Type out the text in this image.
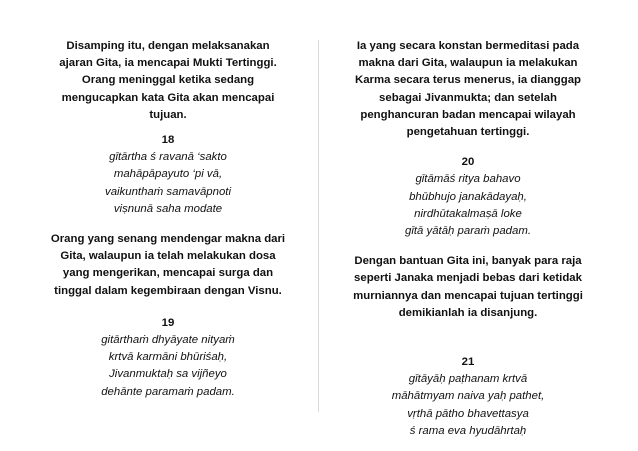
Disamping itu, dengan melaksanakan
ajaran Gita, ia mencapai Mukti Tertinggi.
Orang meninggal ketika sedang
mengucapkan kata Gita akan mencapai
tujuan.

18

gītārtha ś ravanā ‘sakto
mahāpāpayuto ‘pi vā,
vaikunthaṁ samavāpnoti
viṣnunā saha modate

Orang yang senang mendengar makna dari
Gita, walaupun ia telah melakukan dosa
yang mengerikan, mencapai surga dan
tinggal dalam kegembiraan dengan Visnu.

19

gitārthaṁ dhyāyate nityaṁ
krtvā karmāni bhūriśaḥ,
Jivanmuktaḥ sa vijñeyo
dehānte paramaṁ padam.

Ia yang secara konstan bermeditasi pada
makna dari Gita, walaupun ia melakukan
Karma secara terus menerus, ia dianggap
sebagai Jivanmukta; dan setelah
penghancuran badan mencapai wilayah
pengetahuan tertinggi.

20

gītāmāś ritya bahavo
bhūbhujo janakādayaḥ,
nirdhūtakalmaṣā loke
gītā yātāḥ paraṁ padam.

Dengan bantuan Gita ini, banyak para raja
seperti Janaka menjadi bebas dari ketidak
murniannya dan mencapai tujuan tertinggi
demikianlah ia disanjung.

21

gītāyāḥ paṭhanam krtvā
māhātmyam naiva yaḥ pathet,
vṛthā pātho bhavettasya
ś rama eva hyudāhrtaḥ
